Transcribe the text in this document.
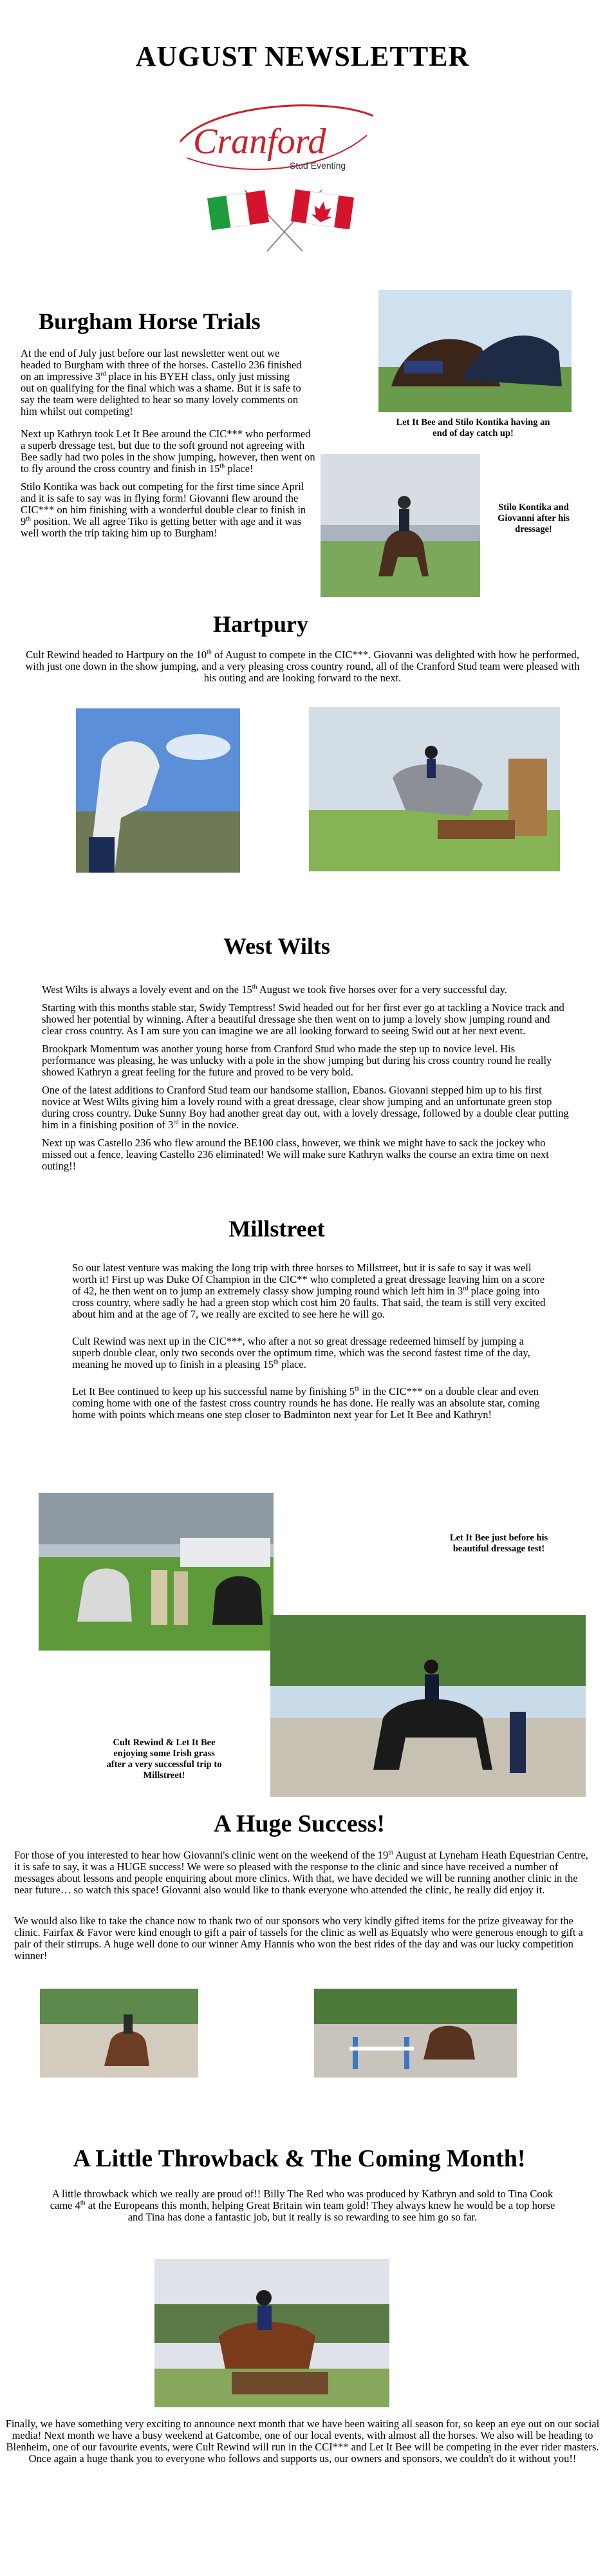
AUGUST NEWSLETTER
Cranford
Stud Eventing
Burgham Horse Trials

At the end of July just before our last newsletter went out we headed to Burgham with three of the horses. Castello 236 finished on an impressive 3rd place in his BYEH class, only just missing out on qualifying for the final which was a shame. But it is safe to say the team were delighted to hear so many lovely comments on him whilst out competing!

Next up Kathryn took Let It Bee around the CIC*** who performed a superb dressage test, but due to the soft ground not agreeing with Bee sadly had two poles in the show jumping, however, then went on to fly around the cross country and finish in 15th place!

Stilo Kontika was back out competing for the first time since April and it is safe to say was in flying form! Giovanni flew around the CIC*** on him finishing with a wonderful double clear to finish in 9th position. We all agree Tiko is getting better with age and it was well worth the trip taking him up to Burgham!

Let It Bee and Stilo Kontika having an end of day catch up!
Stilo Kontika and Giovanni after his dressage!
Hartpury

Cult Rewind headed to Hartpury on the 10th of August to compete in the CIC***. Giovanni was delighted with how he performed, with just one down in the show jumping, and a very pleasing cross country round, all of the Cranford Stud team were pleased with his outing and are looking forward to the next.

West Wilts

West Wilts is always a lovely event and on the 15th August we took five horses over for a very successful day.

Starting with this months stable star, Swidy Temptress! Swid headed out for her first ever go at tackling a Novice track and showed her potential by winning. After a beautiful dressage she then went on to jump a lovely show jumping round and clear cross country. As I am sure you can imagine we are all looking forward to seeing Swid out at her next event.

Brookpark Momentum was another young horse from Cranford Stud who made the step up to novice level. His performance was pleasing, he was unlucky with a pole in the show jumping but during his cross country round he really showed Kathryn a great feeling for the future and proved to be very bold.

One of the latest additions to Cranford Stud team our handsome stallion, Ebanos. Giovanni stepped him up to his first novice at West Wilts giving him a lovely round with a great dressage, clear show jumping and an unfortunate green stop during cross country. Duke Sunny Boy had another great day out, with a lovely dressage, followed by a double clear putting him in a finishing position of 3rd in the novice.

Next up was Castello 236 who flew around the BE100 class, however, we think we might have to sack the jockey who missed out a fence, leaving Castello 236 eliminated! We will make sure Kathryn walks the course an extra time on next outing!!

Millstreet

So our latest venture was making the long trip with three horses to Millstreet, but it is safe to say it was well worth it! First up was Duke Of Champion in the CIC** who completed a great dressage leaving him on a score of 42, he then went on to jump an extremely classy show jumping round which left him in 3rd place going into cross country, where sadly he had a green stop which cost him 20 faults. That said, the team is still very excited about him and at the age of 7, we really are excited to see here he will go.

Cult Rewind was next up in the CIC***, who after a not so great dressage redeemed himself by jumping a superb double clear, only two seconds over the optimum time, which was the second fastest time of the day, meaning he moved up to finish in a pleasing 15th place.

Let It Bee continued to keep up his successful name by finishing 5th in the CIC*** on a double clear and even coming home with one of the fastest cross country rounds he has done. He really was an absolute star, coming home with points which means one step closer to Badminton next year for Let It Bee and Kathryn!

Let It Bee just before his beautiful dressage test!
Cult Rewind & Let It Bee enjoying some Irish grass after a very successful trip to Millstreet!
A Huge Success!

For those of you interested to hear how Giovanni's clinic went on the weekend of the 19th August at Lyneham Heath Equestrian Centre, it is safe to say, it was a HUGE success! We were so pleased with the response to the clinic and since have received a number of messages about lessons and people enquiring about more clinics. With that, we have decided we will be running another clinic in the near future… so watch this space! Giovanni also would like to thank everyone who attended the clinic, he really did enjoy it.

We would also like to take the chance now to thank two of our sponsors who very kindly gifted items for the prize giveaway for the clinic. Fairfax & Favor were kind enough to gift a pair of tassels for the clinic as well as Equatsly who were generous enough to gift a pair of their stirrups. A huge well done to our winner Amy Hannis who won the best rides of the day and was our lucky competition winner!

A Little Throwback & The Coming Month!

A little throwback which we really are proud of!! Billy The Red who was produced by Kathryn and sold to Tina Cook came 4th at the Europeans this month, helping Great Britain win team gold! They always knew he would be a top horse and Tina has done a fantastic job, but it really is so rewarding to see him go so far.

Finally, we have something very exciting to announce next month that we have been waiting all season for, so keep an eye out on our social media! Next month we have a busy weekend at Gatcombe, one of our local events, with almost all the horses. We also will be heading to Blenheim, one of our favourite events, were Cult Rewind will run in the CCI*** and Let It Bee will be competing in the ever rider masters. Once again a huge thank you to everyone who follows and supports us, our owners and sponsors, we couldn't do it without you!!
